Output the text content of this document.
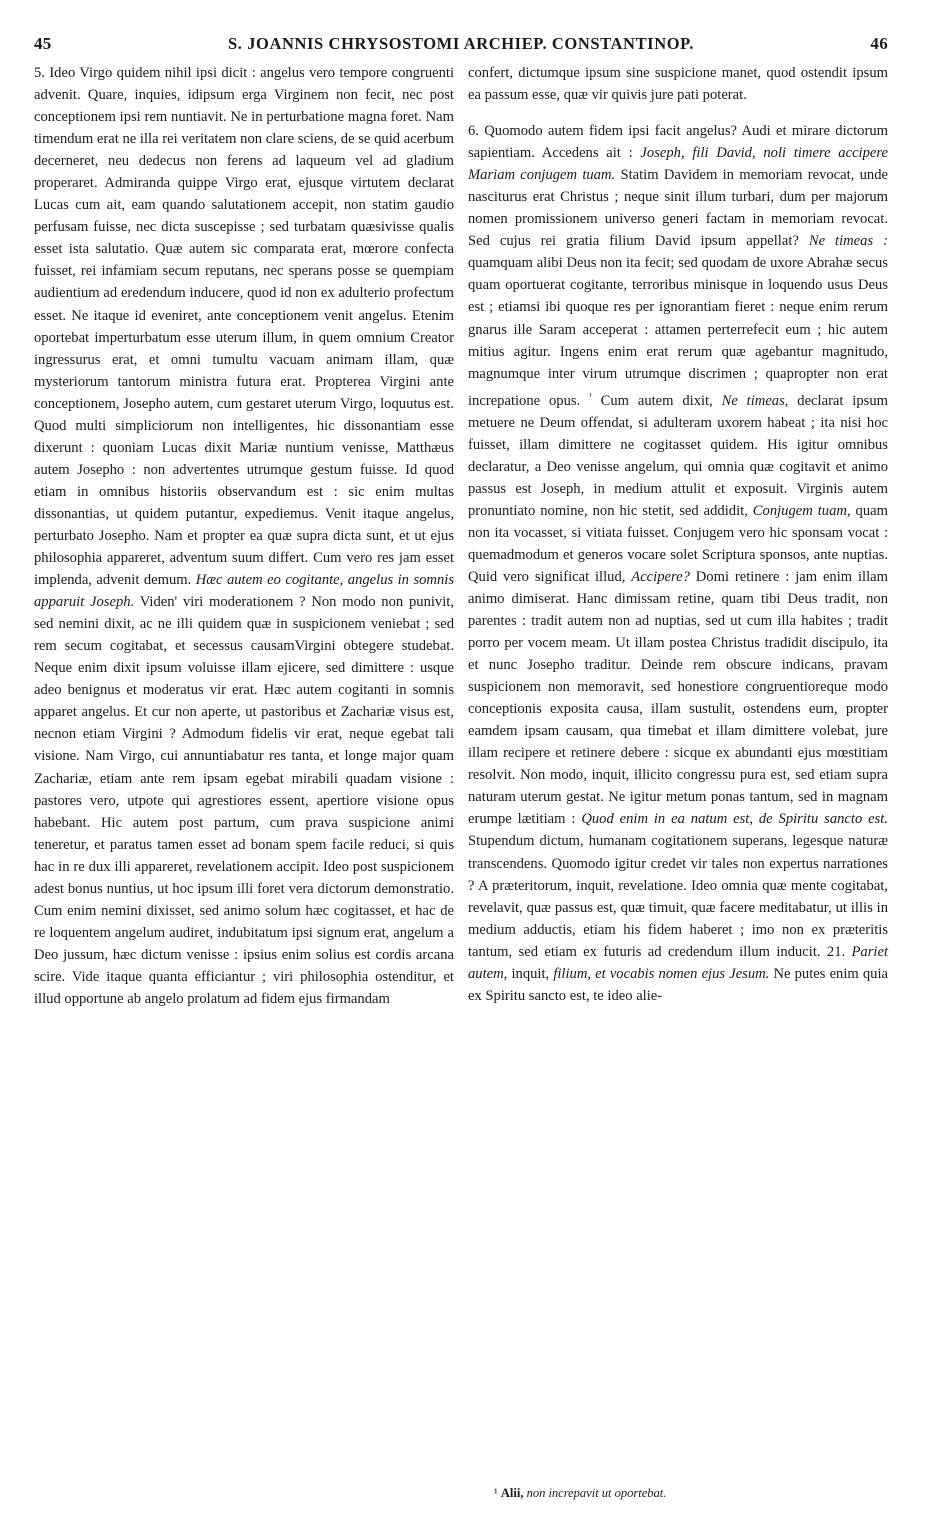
45	S. JOANNIS CHRYSOSTOMI ARCHIEP. CONSTANTINOP.	46

5. Ideo Virgo quidem nihil ipsi dicit : angelus vero tempore congruenti advenit. Quare, inquies, idipsum erga Virginem non fecit, nec post conceptionem ipsi rem nuntiavit. Ne in perturbatione magna foret. Nam timendum erat ne illa rei veritatem non clare sciens, de se quid acerbum decerneret, neu dedecus non ferens ad laqueum vel ad gladium properaret. Admiranda quippe Virgo erat, ejusque virtutem declarat Lucas cum ait, eam quando salutationem accepit, non statim gaudio perfusam fuisse, nec dicta suscepisse ; sed turbatam quæsivisse qualis esset ista salutatio. Quæ autem sic comparata erat, mœrore confecta fuisset, rei infamiam secum reputans, nec sperans posse se quempiam audientium ad eredendum inducere, quod id non ex adulterio profectum esset. Ne itaque id eveniret, ante conceptionem venit angelus. Etenim oportebat imperturbatum esse uterum illum, in quem omnium Creator ingressurus erat, et omni tumultu vacuam animam illam, quæ mysteriorum tantorum ministra futura erat. Propterea Virgini ante conceptionem, Josepho autem, cum gestaret uterum Virgo, loquutus est. Quod multi simpliciorum non intelligentes, hic dissonantiam esse dixerunt : quoniam Lucas dixit Mariæ nuntium venisse, Matthæus autem Josepho : non advertentes utrumque gestum fuisse. Id quod etiam in omnibus historiis observandum est : sic enim multas dissonantias, ut quidem putantur, expediemus. Venit itaque angelus, perturbato Josepho. Nam et propter ea quæ supra dicta sunt, et ut ejus philosophia appareret, adventum suum differt. Cum vero res jam esset implenda, advenit demum. Hæc autem eo cogitante, angelus in somnis apparuit Joseph. Viden' viri moderationem ? Non modo non punivit, sed nemini dixit, ac ne illi quidem quæ in suspicionem veniebat ; sed rem secum cogitabat, et secessus causamVirgini obtegere studebat. Neque enim dixit ipsum voluisse illam ejicere, sed dimittere : usque adeo benignus et moderatus vir erat. Hæc autem cogitanti in somnis apparet angelus. Et cur non aperte, ut pastoribus et Zachariæ visus est, necnon etiam Virgini ? Admodum fidelis vir erat, neque egebat tali visione. Nam Virgo, cui annuntiabatur res tanta, et longe major quam Zachariæ, etiam ante rem ipsam egebat mirabili quadam visione : pastores vero, utpote qui agrestiores essent, apertiore visione opus habebant. Hic autem post partum, cum prava suspicione animi teneretur, et paratus tamen esset ad bonam spem facile reduci, si quis hac in re dux illi appareret, revelationem accipit. Ideo post suspicionem adest bonus nuntius, ut hoc ipsum illi foret vera dictorum demonstratio. Cum enim nemini dixisset, sed animo solum hæc cogitasset, et hac de re loquentem angelum audiret, indubitatum ipsi signum erat, angelum a Deo jussum, hæc dictum venisse : ipsius enim solius est cordis arcana scire. Vide itaque quanta efficiantur ; viri philosophia ostenditur, et illud opportune ab angelo prolatum ad fidem ejus firmandam

confert, dictumque ipsum sine suspicione manet, quod ostendit ipsum ea passum esse, quæ vir quivis jure pati poterat.

6. Quomodo autem fidem ipsi facit angelus? Audi et mirare dictorum sapientiam. Accedens ait : Joseph, fili David, noli timere accipere Mariam conjugem tuam. Statim Davidem in memoriam revocat, unde nasciturus erat Christus ; neque sinit illum turbari, dum per majorum nomen promissionem universo generi factam in memoriam revocat. Sed cujus rei gratia filium David ipsum appellat? Ne timeas : quamquam alibi Deus non ita fecit; sed quodam de uxore Abrahæ secus quam oportuerat cogitante, terroribus minisque in loquendo usus Deus est ; etiamsi ibi quoque res per ignorantiam fieret : neque enim rerum gnarus ille Saram acceperat : attamen perterrefecit eum ; hic autem mitius agitur. Ingens enim erat rerum quæ agebantur magnitudo, magnumque inter virum utrumque discrimen ; quapropter non erat increpatione opus. $^{^1}$ Cum autem dixit, Ne timeas, declarat ipsum metuere ne Deum offendat, si adulteram uxorem habeat ; ita nisi hoc fuisset, illam dimittere ne cogitasset quidem. His igitur omnibus declaratur, a Deo venisse angelum, qui omnia quæ cogitavit et animo passus est Joseph, in medium attulit et exposuit. Virginis autem pronuntiato nomine, non hic stetit, sed addidit, Conjugem tuam, quam non ita vocasset, si vitiata fuisset. Conjugem vero hic sponsam vocat : quemadmodum et generos vocare solet Scriptura sponsos, ante nuptias. Quid vero significat illud, Accipere? Domi retinere : jam enim illam animo dimiserat. Hanc dimissam retine, quam tibi Deus tradit, non parentes : tradit autem non ad nuptias, sed ut cum illa habites ; tradit porro per vocem meam. Ut illam postea Christus tradidit discipulo, ita et nunc Josepho traditur. Deinde rem obscure indicans, pravam suspicionem non memoravit, sed honestiore congruentioreque modo conceptionis exposita causa, illam sustulit, ostendens eum, propter eamdem ipsam causam, qua timebat et illam dimittere volebat, jure illam recipere et retinere debere : sicque ex abundanti ejus mœstitiam resolvit. Non modo, inquit, illicito congressu pura est, sed etiam supra naturam uterum gestat. Ne igitur metum ponas tantum, sed in magnam erumpe lætitiam : Quod enim in ea natum est, de Spiritu sancto est. Stupendum dictum, humanam cogitationem superans, legesque naturæ transcendens. Quomodo igitur credet vir tales non expertus narrationes ? A præteritorum, inquit, revelatione. Ideo omnia quæ mente cogitabat, revelavit, quæ passus est, quæ timuit, quæ facere meditabatur, ut illis in medium adductis, etiam his fidem haberet ; imo non ex præteritis tantum, sed etiam ex futuris ad credendum illum inducit. 21. Pariet autem, inquit, filium, et vocabis nomen ejus Jesum. Ne putes enim quia ex Spiritu sancto est, te ideo alie-

¹ Alii, non increpavit ut oportebat.
